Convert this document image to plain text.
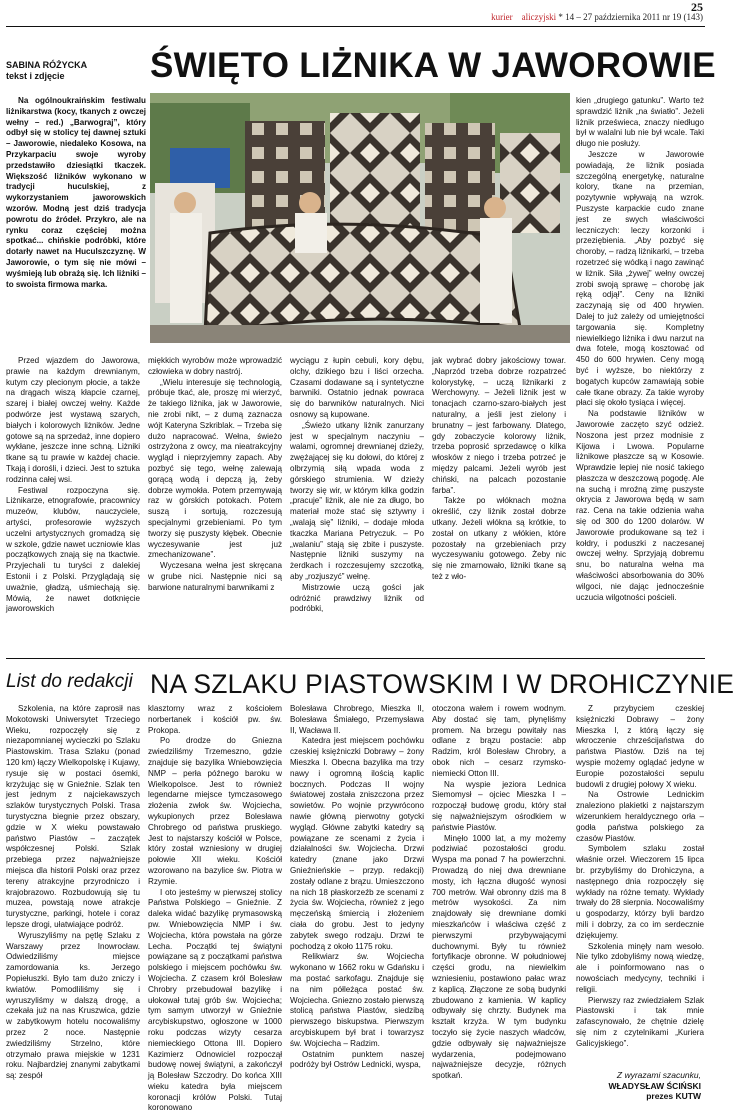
25
kurier aliczyjski * 14 – 27 października 2011 nr 19 (143)
SABINA RÓŻYCKA
tekst i zdjęcie	ŚWIĘTO LIŻNIKA W JAWOROWIE

Na ogólnoukraińskim festiwalu liżnikarstwa (kocy, tkanych z owczej wełny – red.) „Barwograj”, który odbył się w stolicy tej dawnej sztuki – Jaworowie, niedaleko Kosowa, na Przykarpaciu swoje wyroby przedstawiło dziesiątki tkaczek. Większość liżników wykonano w tradycji huculskiej, z wykorzystaniem jaworowskich wzorów. Modną jest dziś tradycja powrotu do źródeł. Przykro, ale na rynku coraz częściej można spotkać... chińskie podróbki, które dotarły nawet na Huculszczyznę. W Jaworowie, o tym się nie mówi – wyśmieją lub obrażą się. Ich liżniki – to swoista firmowa marka.

Przed wjazdem do Jaworowa, prawie na każdym drewnianym, kutym czy plecionym płocie, a także na drągach wiszą kłapcie czarnej, szarej i białej owczej wełny. Każde podwórze jest wystawą szarych, białych i kolorowych liżników. Jedne gotowe są na sprzedaż, inne dopiero wykłane, jeszcze inne schną. Liżniki tkane są tu prawie w każdej chacie. Tkają i dorośli, i dzieci. Jest to sztuka rodzinna całej wsi.

Festiwal rozpoczyna się. Liżnikarze, etnografowie, pracownicy muzeów, klubów, nauczyciele, artyści, profesorowie wyższych uczelni artystycznych gromadzą się w szkole, gdzie nawet uczniowie klas początkowych znają się na tkactwie. Przyjechali tu turyści z dalekiej Estonii i z Polski. Przyglądają się uważnie, gładzą, uśmiechają się. Mówią, że nawet dotknięcie jaworowskich

miękkich wyrobów może wprowadzić człowieka w dobry nastrój.

„Wielu interesuje się technologią, próbuje tkać, ale, proszę mi wierzyć, że takiego liżnika, jak w Jaworowie, nie zrobi nikt, – z dumą zaznacza wójt Kateryna Szkriblak. – Trzeba się dużo napracować. Wełna, świeżo ostrzyżona z owcy, ma nieatrakcyjny wygląd i nieprzyjemny zapach. Aby pozbyć się tego, wełnę zalewają gorącą wodą i depczą ją, żeby dobrze wymokła. Potem przemywają raz w górskich potokach. Potem suszą i sortują, rozczesują specjalnymi grzebieniami. Po tym tworzy się puszysty kłębek. Obecnie wyczesywanie jest już zmechanizowane”.

Wyczesana wełna jest skręcana w grube nici. Następnie nici są barwione naturalnymi barwnikami z

wyciągu z łupin cebuli, kory dębu, olchy, dzikiego bzu i liści orzecha. Czasami dodawane są i syntetyczne barwniki. Ostatnio jednak powraca się do barwników naturalnych. Nici osnowy są kupowane.

„Świeżo utkany liżnik zanurzany jest w specjalnym naczyniu – walami, ogromnej drewnianej dzieży, zwężającej się ku dołowi, do której z olbrzymią siłą wpada woda z górskiego strumienia. W dzieży tworzy się wir, w którym kilka godzin „pracuje” liżnik, ale nie za długo, bo materiał może stać się sztywny i „walają się” liżniki, – dodaje młoda tkaczka Mariana Petryczuk. – Po „walaniu” stają się zbite i puszyste. Następnie liżniki suszymy na żerdkach i rozczesujemy szczotką, aby „rozjuszyć” wełnę.

Mistrzowie uczą gości jak odróżnić prawdziwy liżnik od podróbki,

jak wybrać dobry jakościowy towar. „Naprzód trzeba dobrze rozpatrzeć kolorystykę, – uczą liżnikarki z Werchowyny. – Jeżeli liżnik jest w tonacjach czarno-szaro-białych jest naturalny, a jeśli jest zielony i brunatny – jest farbowany. Dlatego, gdy zobaczycie kolorowy liżnik, trzeba poprosić sprzedawcę o kilka włosków z niego i trzeba potrzeć je między palcami. Jeżeli wyrób jest chiński, na palcach pozostanie farba”.

Także po włóknach można określić, czy liżnik został dobrze utkany. Jeżeli włókna są krótkie, to został on utkany z włókien, które pozostały na grzebieniach przy wyczesywaniu gotowego. Żeby nic się nie zmarnowało, liżniki tkane są też z wło-

kien „drugiego gatunku”. Warto też sprawdzić liżnik „na światło”. Jeżeli liżnik prześwieca, znaczy niedługo był w walalni lub nie był wcale. Taki długo nie posłuży.

Jeszcze w Jaworowie powiadają, że liżnik posiada szczególną energetykę, naturalne kolory, tkane na przemian, pozytywnie wpływają na wzrok. Puszyste karpackie cudo znane jest ze swych właściwości leczniczych: leczy korzonki i przeziębienia. „Aby pozbyć się choroby, – radzą liżnikarki, – trzeba rozetrzeć się wódką i nago zawinąć w liżnik. Siła „żywej” wełny owczej zrobi swoją sprawę – chorobę jak ręką odjął”. Ceny na liżniki zaczynają się od 400 hrywien. Dalej to już zależy od umiejętności targowania się. Kompletny niewielkiego liżnika i dwu narzut na dwa fotele, mogą kosztować od 450 do 600 hrywien. Ceny mogą być i wyższe, bo niektórzy z bogatych kupców zamawiają sobie całe tkane obrazy. Za takie wyroby płaci się około tysiąca i więcej.

Na podstawie liżników w Jaworowie zaczęto szyć odzież. Noszona jest przez modnisie z Kijowa i Lwowa. Popularne liżnikowe płaszcze są w Kosowie. Wprawdzie lepiej nie nosić takiego płaszcza w deszczową pogodę. Ale na suchą i mroźną zimę puszyste okrycia z Jaworowa będą w sam raz. Cena na takie odzienia waha się od 300 do 1200 dolarów. W Jaworowie produkowane są też i kołdry, i poduszki z naczesanej owczej wełny. Sprzyjają dobremu snu, bo naturalna wełna ma właściwości absorbowania do 30% wilgoci, nie dając jednocześnie uczucia wilgotności pościeli.

List do redakcji NA SZLAKU PIASTOWSKIM I W DROHICZYNIE

Szkolenia, na które zaprosił nas Mokotowski Uniwersytet Trzeciego Wieku, rozpoczęły się z niezapomnianej wycieczki po Szlaku Piastowskim. Trasa Szlaku (ponad 120 km) łączy Wielkopolskę i Kujawy, rysuje się w postaci ósemki, krzyżując się w Gnieźnie. Szlak ten jest jednym z najciekawszych szlaków turystycznych Polski. Trasa turystyczna biegnie przez obszary, gdzie w X wieku powstawało państwo Piastów – zaczątek współczesnej Polski. Szlak przebiega przez najważniejsze miejsca dla historii Polski oraz przez tereny atrakcyjne przyrodniczo i krajobrazowo. Rozbudowują się tu muzea, powstają nowe atrakcje turystyczne, parkingi, hotele i coraz lepsze drogi, ułatwiające podróż.

Wyruszyliśmy na pętlę Szlaku z Warszawy przez Inowrocław. Odwiedziliśmy miejsce zamordowania ks. Jerzego Popiełuszki. Było tam dużo zniczy i kwiatów. Pomodliliśmy się i wyruszyliśmy w dalszą drogę, a czekała już na nas Kruszwica, gdzie w zabytkowym hotelu nocowaliśmy przez 2 noce. Następnie zwiedziliśmy Strzelno, które otrzymało prawa miejskie w 1231 roku. Najbardziej znanymi zabytkami są: zespół

klasztorny wraz z kościołem norbertanek i kościół pw. św. Prokopa.

Po drodze do Gniezna zwiedziliśmy Trzemeszno, gdzie znajduje się bazylika Wniebowzięcia NMP – perła późnego baroku w Wielkopolsce. Jest to również legendarne miejsce tymczasowego złożenia zwłok św. Wojciecha, wykupionych przez Bolesława Chrobrego od państwa pruskiego. Jest to najstarszy kościół w Polsce, który został wzniesiony w drugiej połowie XII wieku. Kościół wzorowano na bazylice św. Piotra w Rzymie.

I oto jesteśmy w pierwszej stolicy Państwa Polskiego – Gnieźnie. Z daleka widać bazylikę prymasowską pw. Wniebowzięcia NMP i św. Wojciecha, która powstała na górze Lecha. Początki tej świątyni powiązane są z początkami państwa polskiego i miejscem pochówku św. Wojciecha. Z czasem król Bolesław Chrobry przebudował bazylikę i ułokował tutaj grób św. Wojciecha; tym samym utworzył w Gnieźnie arcybiskupstwo, ogłoszone w 1000 roku podczas wizyty cesarza niemieckiego Ottona III. Dopiero Kazimierz Odnowiciel rozpoczął budowę nowej świątyni, a zakończył ją Bolesław Szczodry. Do końca XIII wieku katedra była miejscem koronacji królów Polski. Tutaj koronowano

Bolesława Chrobrego, Mieszka II, Bolesława Śmiałego, Przemysława II, Wacława II.

Katedra jest miejscem pochówku czeskiej księżniczki Dobrawy – żony Mieszka I. Obecna bazylika ma trzy nawy i ogromną ilością kaplic bocznych. Podczas II wojny światowej została zniszczona przez sowietów. Po wojnie przywrócono nawie główną pierwotny gotycki wygląd. Główne zabytki katedry są powiązane ze scenami z życia i działalności św. Wojciecha. Drzwi katedry (znane jako Drzwi Gnieźnieńskie – przyp. redakcji) zostały odlane z brązu. Umieszczono na nich 18 płaskorzeźb ze scenami z życia św. Wojciecha, również z jego męczeńską śmiercią i złożeniem ciała do grobu. Jest to jedyny zabytek swego rodzaju. Drzwi te pochodzą z około 1175 roku.

Relikwiarz św. Wojciecha wykonano w 1662 roku w Gdańsku i ma postać sarkofagu. Znajduje się na nim półleżąca postać św. Wojciecha. Gniezno zostało pierwszą stolicą państwa Piastów, siedzibą pierwszego biskupstwa. Pierwszym arcybiskupem był brat i towarzysz św. Wojciecha – Radzim.

Ostatnim punktem naszej podróży był Ostrów Lednicki, wyspa,

otoczona wałem i rowem wodnym. Aby dostać się tam, płynęliśmy promem. Na brzegu powitały nas odlane z brązu postacie: abp Radzim, król Bolesław Chrobry, a obok nich – cesarz rzymsko-niemiecki Otton III.

Na wyspie jeziora Lednica Siemomysł – ojciec Mieszka I – rozpoczął budowę grodu, który stał się najważniejszym ośrodkiem w państwie Piastów.

Minęło 1000 lat, a my możemy podziwiać pozostałości grodu. Wyspa ma ponad 7 ha powierzchni. Prowadzą do niej dwa drewniane mosty, ich łączna długość wynosi 700 metrów. Wał obronny dziś ma 8 metrów wysokości. Za nim znajdowały się drewniane domki mieszkańców i właściwa część z pierwszymi przybywającymi duchownymi. Były tu również fortyfikacje obronne. W południowej części grodu, na niewielkim wzniesieniu, postawiono pałac wraz z kaplicą. Złączone ze sobą budynki zbudowano z kamienia. W kaplicy odbywały się chrzty. Budynek ma kształt krzyża. W tym budynku toczyło się życie naszych władców, gdzie odbywały się najważniejsze wydarzenia, podejmowano najważniejsze decyzje, różnych spotkań.

Z przybyciem czeskiej księżniczki Dobrawy – żony Mieszka I, z którą łączy się wkroczenie chrześcijaństwa do państwa Piastów. Dziś na tej wyspie możemy oglądać jedyne w Europie pozostałości sepulu budowli z drugiej połowy X wieku.

Na Ostrowie Lednickim znaleziono plakietki z najstarszym wizerunkiem heraldycznego orła – godła państwa polskiego za czasów Piastów.

Symbolem szlaku został właśnie orzeł. Wieczorem 15 lipca br. przybyliśmy do Drohiczyna, a następnego dnia rozpoczęły się wykłady na różne tematy. Wykłady trwały do 28 sierpnia. Nocowaliśmy u gospodarzy, którzy byli bardzo mili i dobrzy, za co im serdecznie dziękujemy.

Szkolenia minęły nam wesoło. Nie tylko zdobyliśmy nową wiedzę, ale i poinformowano nas o nowościach medycyny, techniki i religii.

Pierwszy raz zwiedziałem Szlak Piastowski i tak mnie zafascynowało, że chętnie dzielę się nim z czytelnikami „Kuriera Galicyjskiego”.

Z wyrazami szacunku,
WŁADYSŁAW ŚCIŃSKI
prezes KUTW
